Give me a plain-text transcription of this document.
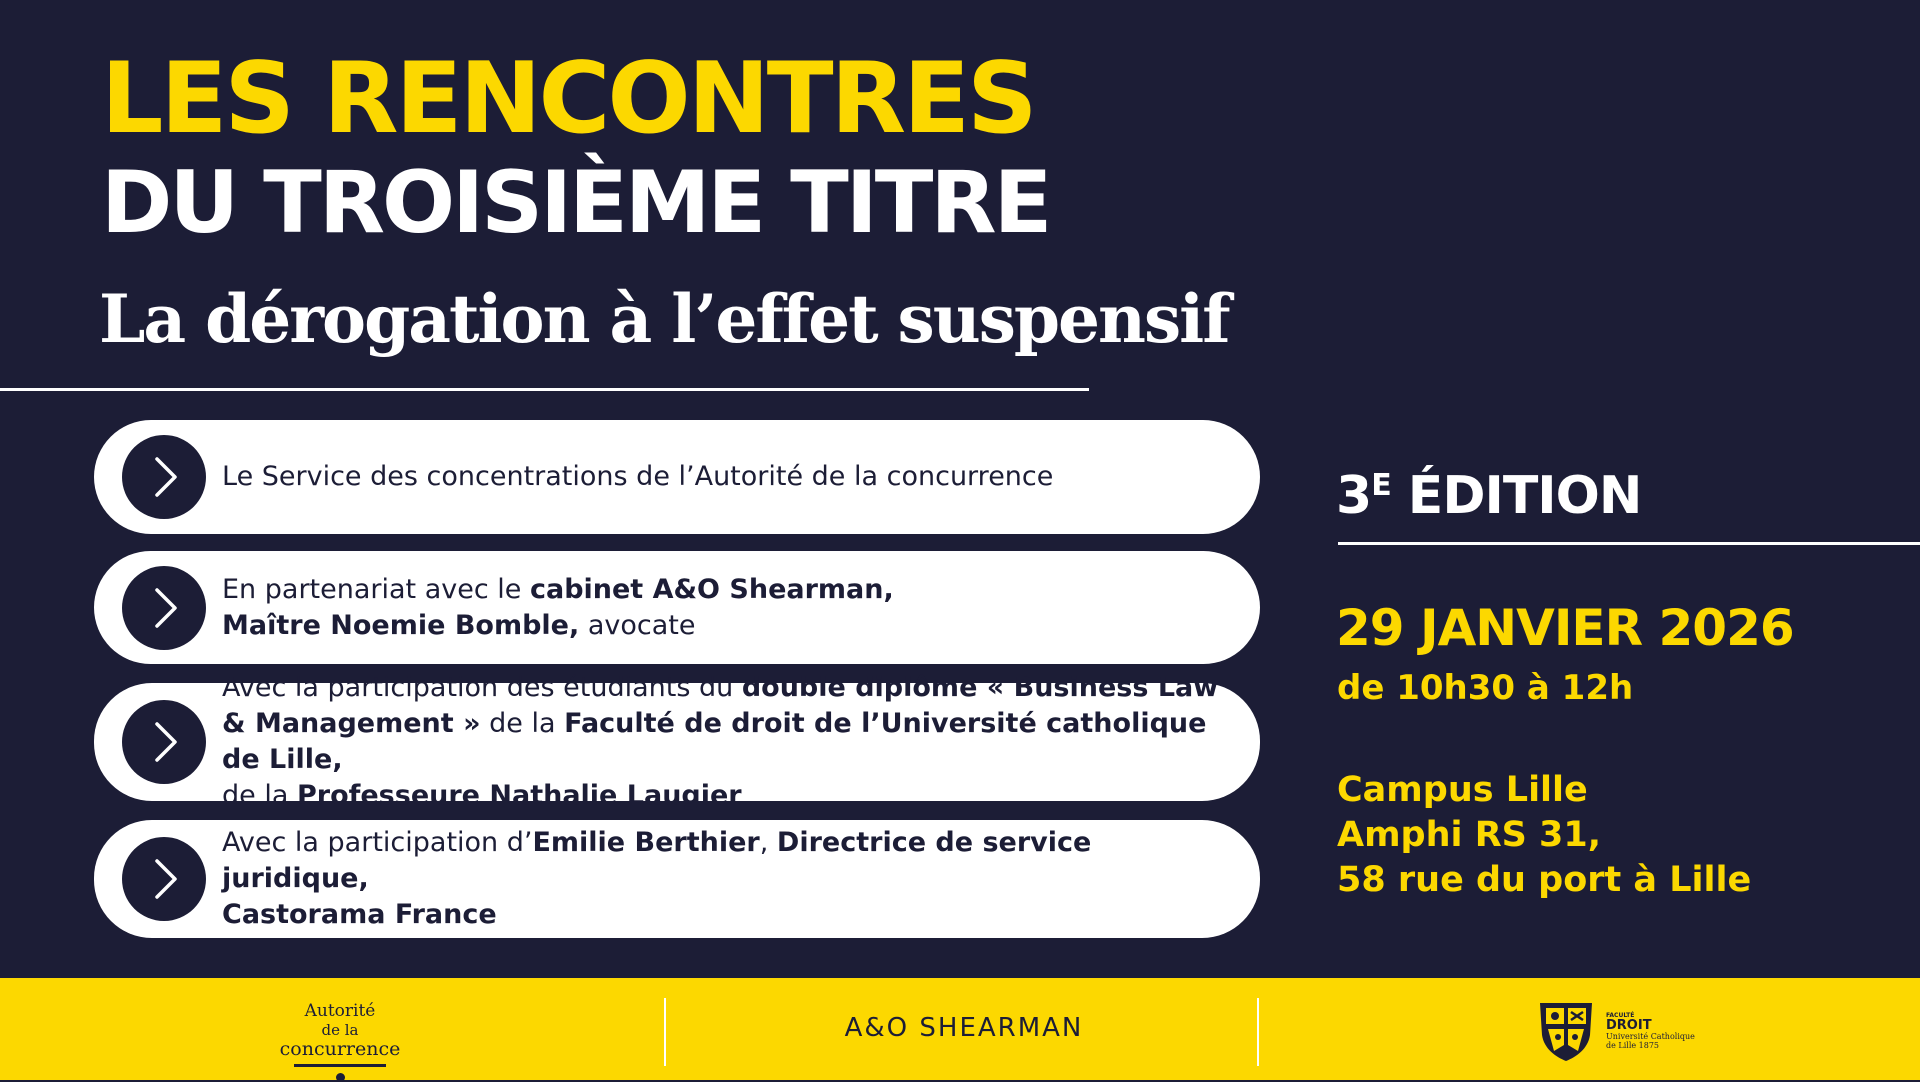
LES RENCONTRES
DU TROISIÈME TITRE
La dérogation à l’effet suspensif
Le Service des concentrations de l’Autorité de la concurrence
En partenariat avec le cabinet A&O Shearman,
Maître Noemie Bomble, avocate
Avec la participation des étudiants du double diplôme « Business Law
& Management » de la Faculté de droit de l’Université catholique de Lille,
de la Professeure Nathalie Laugier
Avec la participation d’Emilie Berthier, Directrice de service juridique,
Castorama France
$3^E$ ÉDITION
29 JANVIER 2026
de 10h30 à 12h
Campus Lille
Amphi RS 31,
58 rue du port à Lille
Autorité
de la concurrence
A&O SHEARMAN	FACULTÉ
DROIT
Université Catholique
de Lille 1875
